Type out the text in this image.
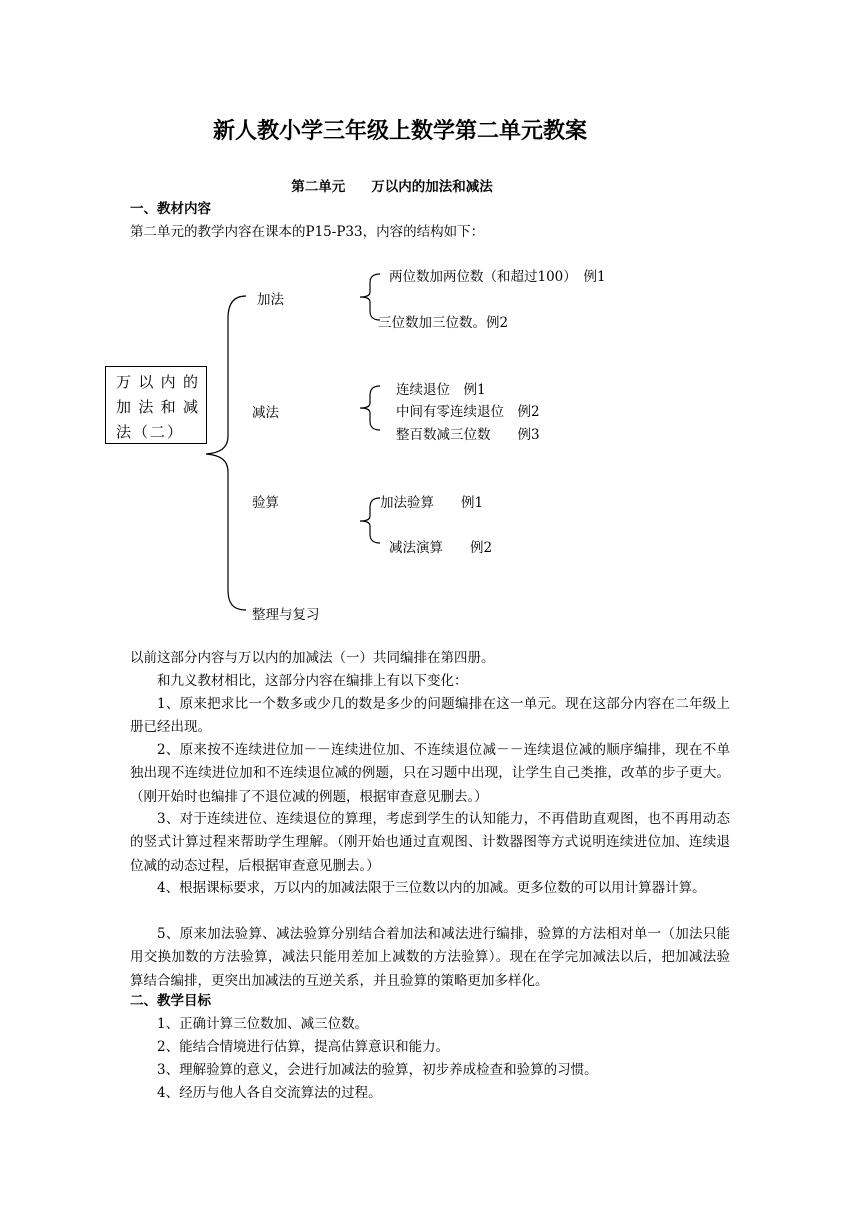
新人教小学三年级上数学第二单元教案
第二单元 万以内的加法和减法
一、教材内容
第二单元的教学内容在课本的P15-P33，内容的结构如下：
万以内的加法和减法（二）
加法
两位数加两位数（和超过100）　例1
三位数加三位数。例2
减法
连续退位　例1
中间有零连续退位　例2
整百数减三位数　　例3
验算	加法验算　　例1
减法演算　　例2
整理与复习
以前这部分内容与万以内的加减法（一）共同编排在第四册。
和九义教材相比，这部分内容在编排上有以下变化：
1、原来把求比一个数多或少几的数是多少的问题编排在这一单元。现在这部分内容在二年级上册已经出现。
2、原来按不连续进位加－－连续进位加、不连续退位减－－连续退位减的顺序编排，现在不单独出现不连续进位加和不连续退位减的例题，只在习题中出现，让学生自己类推，改革的步子更大。（刚开始时也编排了不退位减的例题，根据审查意见删去。）
3、对于连续进位、连续退位的算理，考虑到学生的认知能力，不再借助直观图，也不再用动态的竖式计算过程来帮助学生理解。（刚开始也通过直观图、计数器图等方式说明连续进位加、连续退位减的动态过程，后根据审查意见删去。）
4、根据课标要求，万以内的加减法限于三位数以内的加减。更多位数的可以用计算器计算。
5、原来加法验算、减法验算分别结合着加法和减法进行编排，验算的方法相对单一（加法只能用交换加数的方法验算，减法只能用差加上减数的方法验算）。现在在学完加减法以后，把加减法验算结合编排，更突出加减法的互逆关系，并且验算的策略更加多样化。
二、教学目标
1、正确计算三位数加、减三位数。
2、能结合情境进行估算，提高估算意识和能力。
3、理解验算的意义，会进行加减法的验算，初步养成检查和验算的习惯。
4、经历与他人各自交流算法的过程。
